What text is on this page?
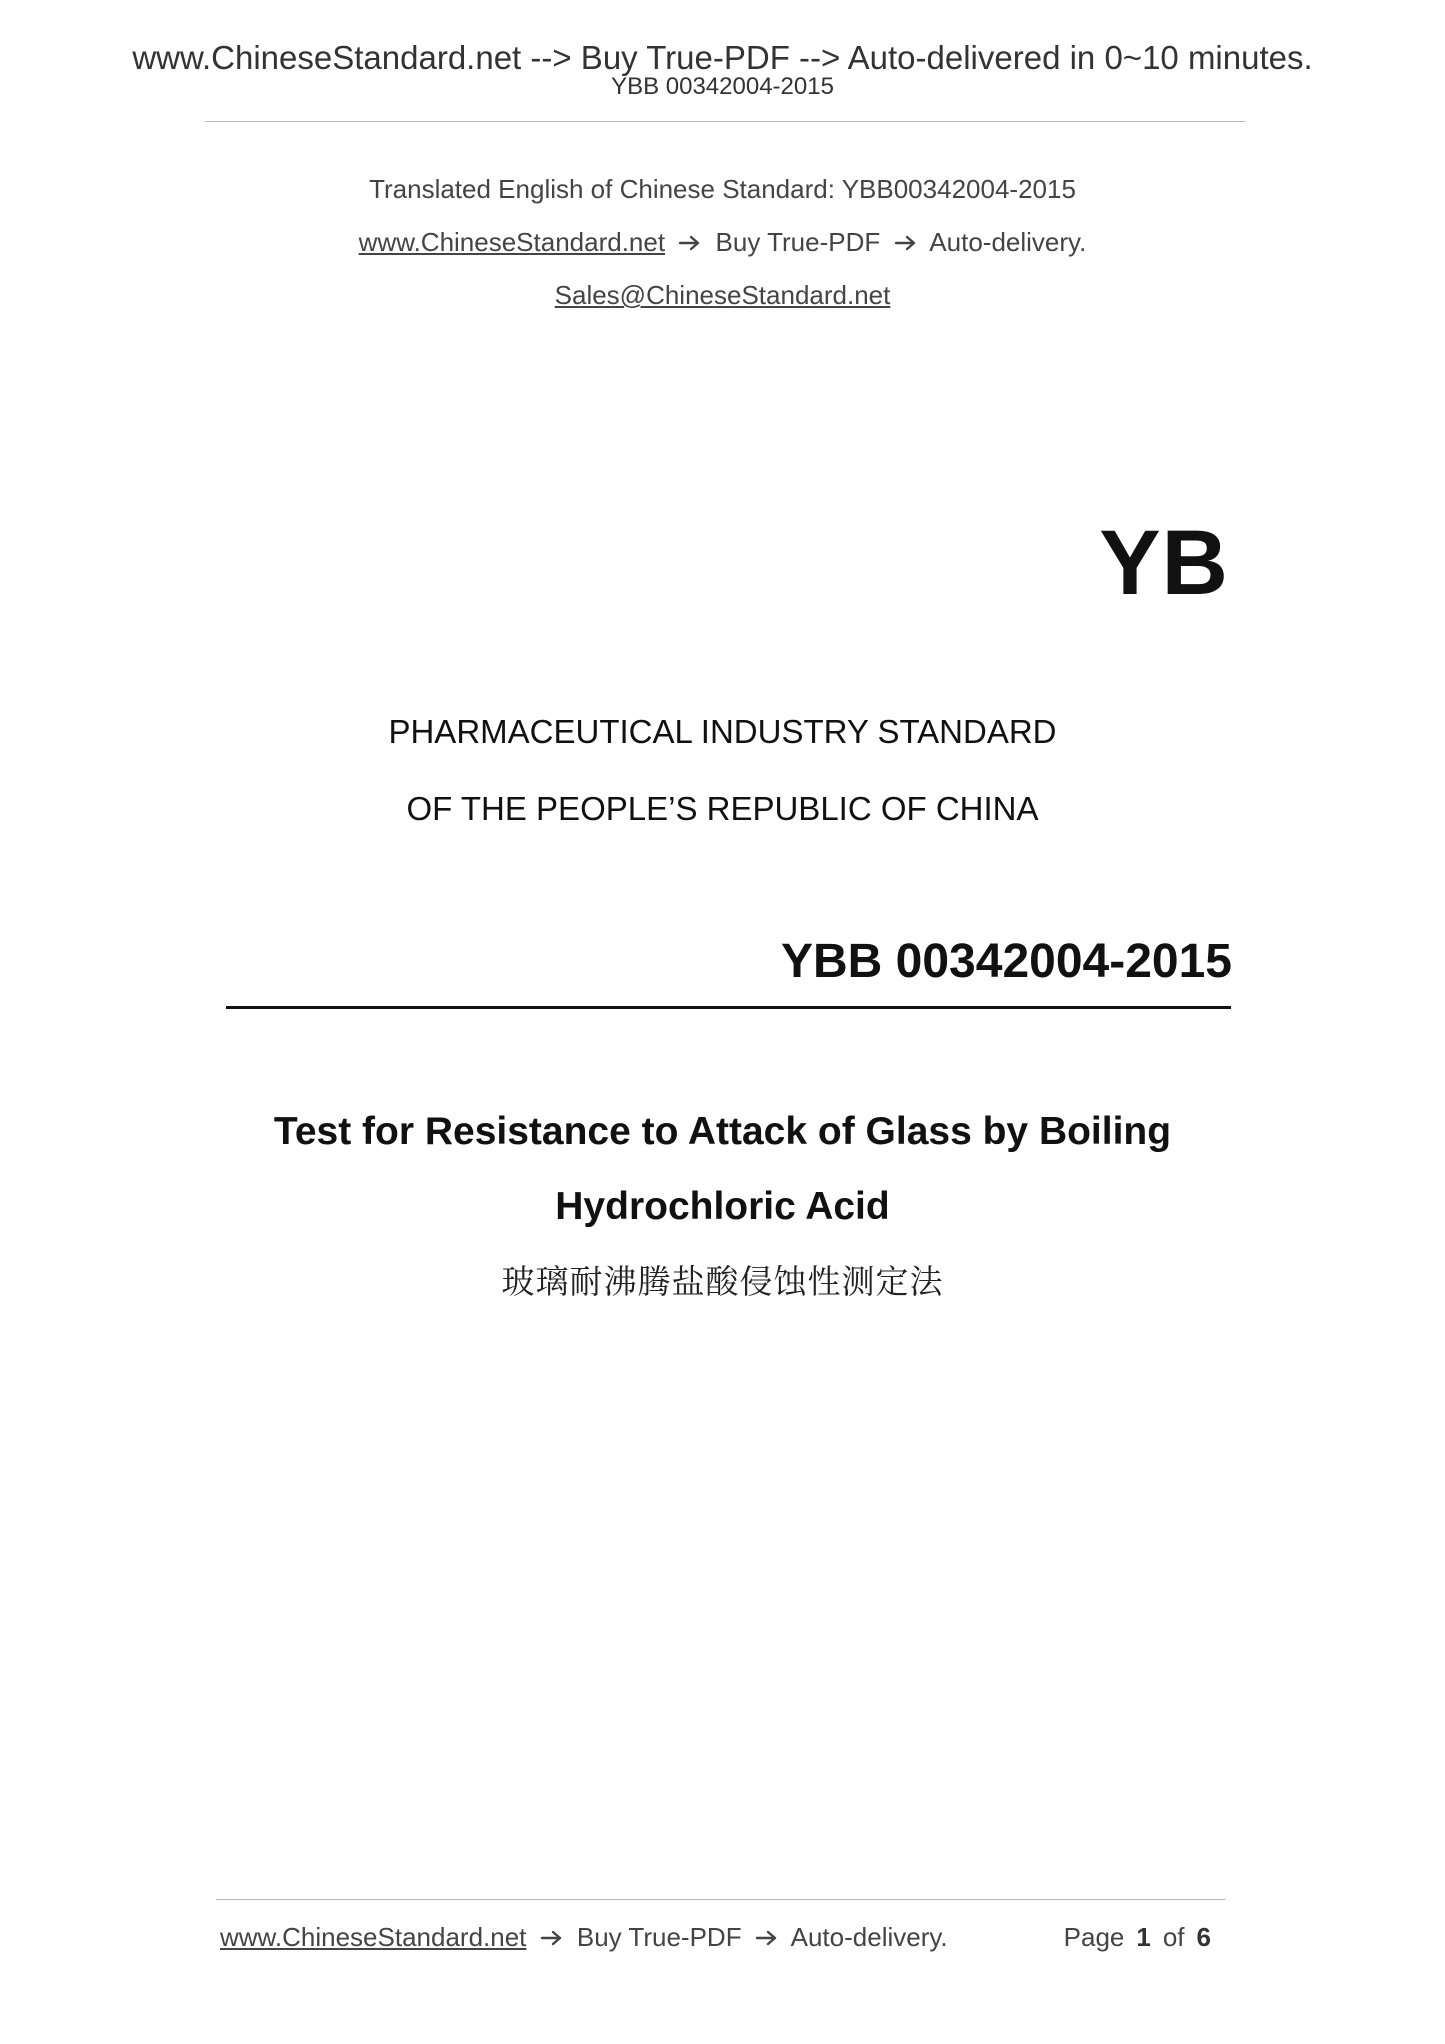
www.ChineseStandard.net --> Buy True-PDF --> Auto-delivered in 0~10 minutes.
YBB 00342004-2015
Translated English of Chinese Standard: YBB00342004-2015
www.ChineseStandard.net Buy True-PDF Auto-delivery.
Sales@ChineseStandard.net
YB
PHARMACEUTICAL INDUSTRY STANDARD
OF THE PEOPLE’S REPUBLIC OF CHINA
YBB 00342004-2015
Test for Resistance to Attack of Glass by Boiling
Hydrochloric Acid
玻璃耐沸腾盐酸侵蚀性测定法
www.ChineseStandard.net Buy True-PDF Auto-delivery.	Page 1 of 6
